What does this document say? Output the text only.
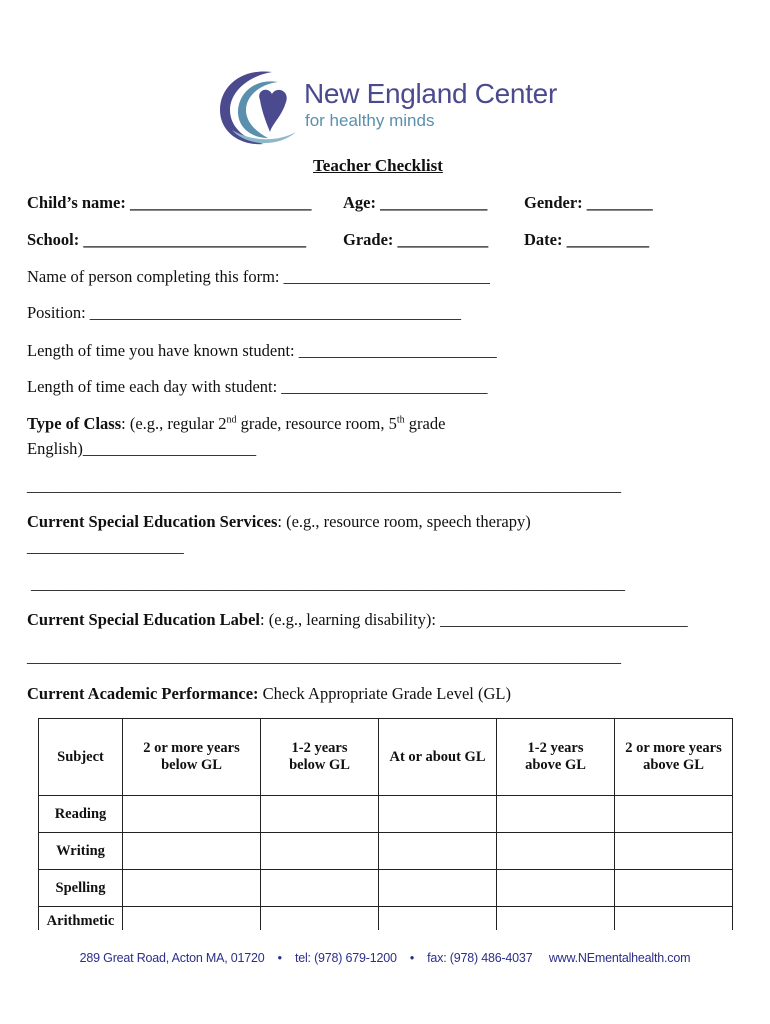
New England Center
for healthy minds
Teacher Checklist
Child’s name: ______________________ Age: _____________ Gender: ________
School: ___________________________ Grade: ___________ Date: __________
Name of person completing this form: _________________________
Position: _____________________________________________
Length of time you have known student: ________________________
Length of time each day with student: _________________________
Type of Class: (e.g., regular 2nd grade, resource room, 5th grade
English)_____________________
________________________________________________________________________
Current Special Education Services: (e.g., resource room, speech therapy)
___________________
________________________________________________________________________
Current Special Education Label: (e.g., learning disability): ______________________________
________________________________________________________________________
Current Academic Performance: Check Appropriate Grade Level (GL)
Subject	2 or more years below GL	1-2 years below GL	At or about GL	1-2 years above GL	2 or more years above GL

Reading					
Writing					
Spelling					
Arithmetic					
289 Great Road, Acton MA, 01720 • tel: (978) 679-1200 • fax: (978) 486-4037 www.NEmentalhealth.com
